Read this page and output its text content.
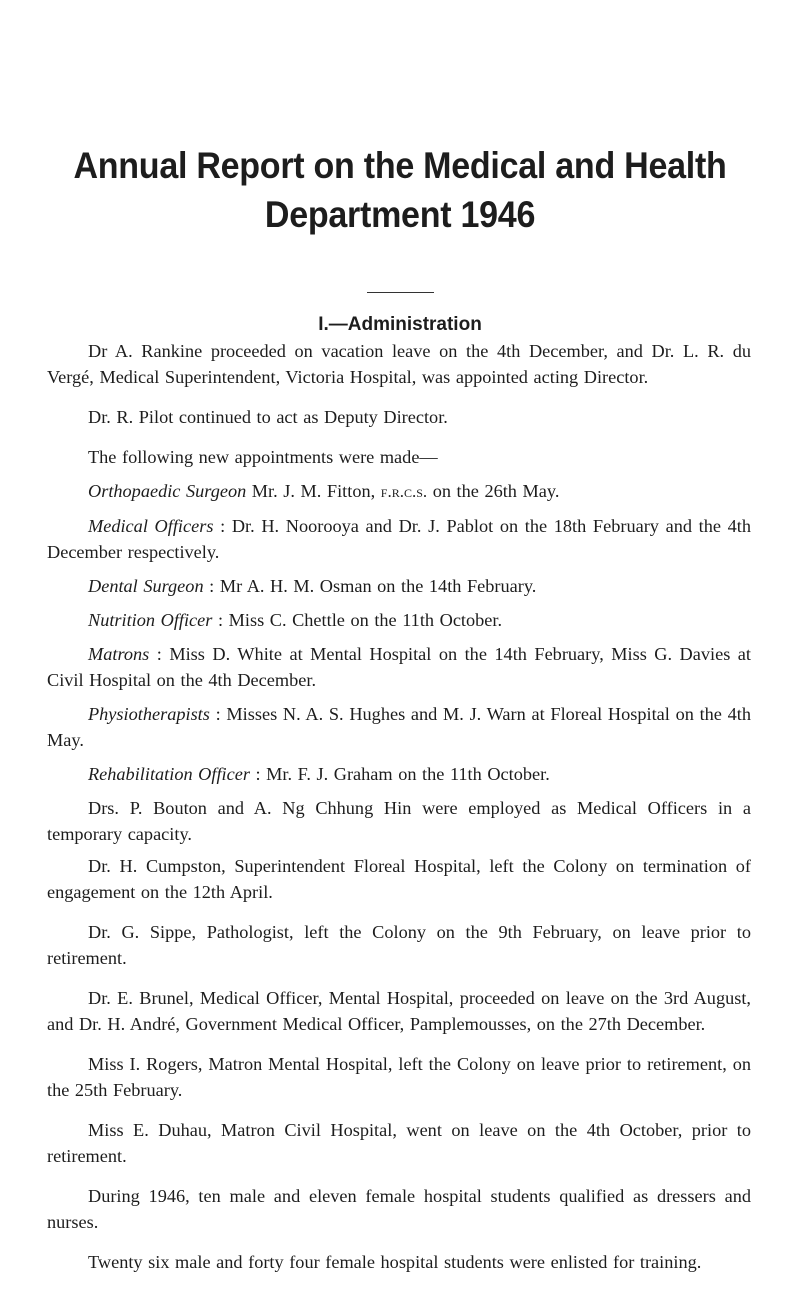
Annual Report on the Medical and Health
Department 1946
I.—Administration
Dr A. Rankine proceeded on vacation leave on the 4th December, and Dr. L. R. du Vergé, Medical Superintendent, Victoria Hospital, was appointed acting Director.
Dr. R. Pilot continued to act as Deputy Director.
The following new appointments were made—
Orthopaedic Surgeon Mr. J. M. Fitton, f.r.c.s. on the 26th May.
Medical Officers : Dr. H. Noorooya and Dr. J. Pablot on the 18th February and the 4th December respectively.
Dental Surgeon : Mr A. H. M. Osman on the 14th February.
Nutrition Officer : Miss C. Chettle on the 11th October.
Matrons : Miss D. White at Mental Hospital on the 14th February, Miss G. Davies at Civil Hospital on the 4th December.
Physiotherapists : Misses N. A. S. Hughes and M. J. Warn at Floreal Hospital on the 4th May.
Rehabilitation Officer : Mr. F. J. Graham on the 11th October.
Drs. P. Bouton and A. Ng Chhung Hin were employed as Medical Officers in a temporary capacity.
Dr. H. Cumpston, Superintendent Floreal Hospital, left the Colony on termination of engagement on the 12th April.
Dr. G. Sippe, Pathologist, left the Colony on the 9th February, on leave prior to retirement.
Dr. E. Brunel, Medical Officer, Mental Hospital, proceeded on leave on the 3rd August, and Dr. H. André, Government Medical Officer, Pamplemousses, on the 27th December.
Miss I. Rogers, Matron Mental Hospital, left the Colony on leave prior to retirement, on the 25th February.
Miss E. Duhau, Matron Civil Hospital, went on leave on the 4th October, prior to retirement.
During 1946, ten male and eleven female hospital students qualified as dressers and nurses.
Twenty six male and forty four female hospital students were enlisted for training.
